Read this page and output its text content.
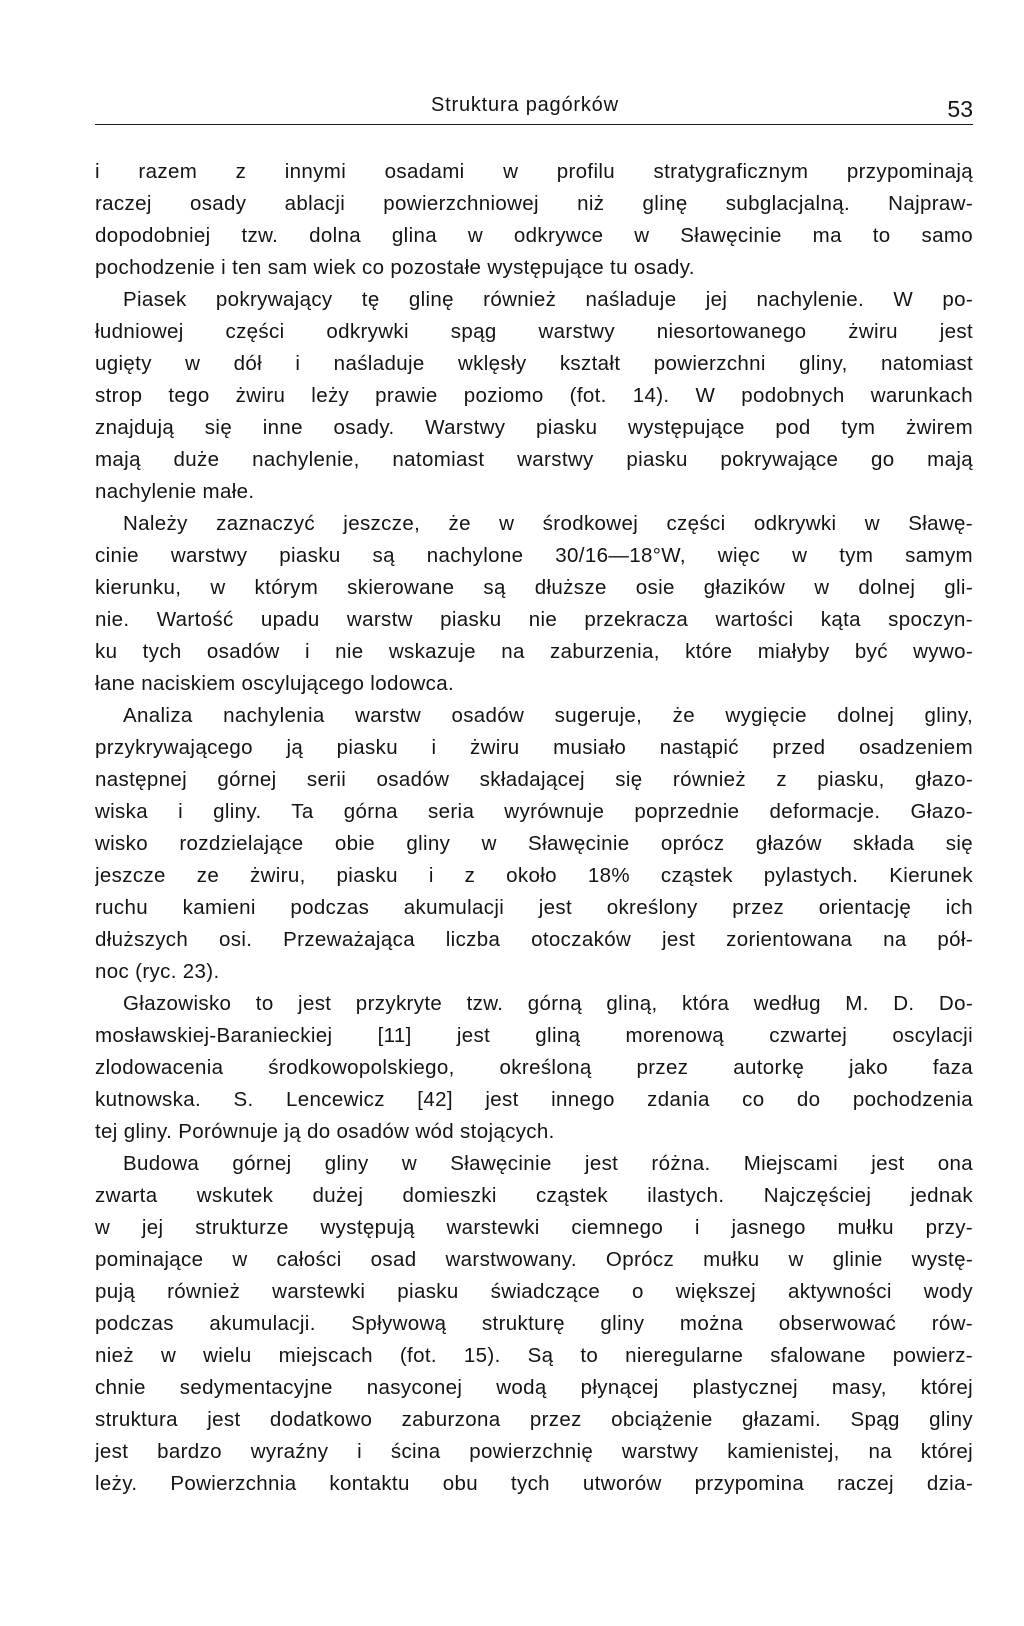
Struktura pagórków	53
i razem z innymi osadami w profilu stratygraficznym przypominają
raczej osady ablacji powierzchniowej niż glinę subglacjalną. Najpraw-
dopodobniej tzw. dolna glina w odkrywce w Sławęcinie ma to samo
pochodzenie i ten sam wiek co pozostałe występujące tu osady.
Piasek pokrywający tę glinę również naśladuje jej nachylenie. W po-
łudniowej części odkrywki spąg warstwy niesortowanego żwiru jest
ugięty w dół i naśladuje wklęsły kształt powierzchni gliny, natomiast
strop tego żwiru leży prawie poziomo (fot. 14). W podobnych warunkach
znajdują się inne osady. Warstwy piasku występujące pod tym żwirem
mają duże nachylenie, natomiast warstwy piasku pokrywające go mają
nachylenie małe.
Należy zaznaczyć jeszcze, że w środkowej części odkrywki w Sławę-
cinie warstwy piasku są nachylone 30/16—18°W, więc w tym samym
kierunku, w którym skierowane są dłuższe osie głazików w dolnej gli-
nie. Wartość upadu warstw piasku nie przekracza wartości kąta spoczyn-
ku tych osadów i nie wskazuje na zaburzenia, które miałyby być wywo-
łane naciskiem oscylującego lodowca.
Analiza nachylenia warstw osadów sugeruje, że wygięcie dolnej gliny,
przykrywającego ją piasku i żwiru musiało nastąpić przed osadzeniem
następnej górnej serii osadów składającej się również z piasku, głazo-
wiska i gliny. Ta górna seria wyrównuje poprzednie deformacje. Głazo-
wisko rozdzielające obie gliny w Sławęcinie oprócz głazów składa się
jeszcze ze żwiru, piasku i z około 18% cząstek pylastych. Kierunek
ruchu kamieni podczas akumulacji jest określony przez orientację ich
dłuższych osi. Przeważająca liczba otoczaków jest zorientowana na pół-
noc (ryc. 23).
Głazowisko to jest przykryte tzw. górną gliną, która według M. D. Do-
mosławskiej-Baranieckiej [11] jest gliną morenową czwartej oscylacji
zlodowacenia środkowopolskiego, określoną przez autorkę jako faza
kutnowska. S. Lencewicz [42] jest innego zdania co do pochodzenia
tej gliny. Porównuje ją do osadów wód stojących.
Budowa górnej gliny w Sławęcinie jest różna. Miejscami jest ona
zwarta wskutek dużej domieszki cząstek ilastych. Najczęściej jednak
w jej strukturze występują warstewki ciemnego i jasnego mułku przy-
pominające w całości osad warstwowany. Oprócz mułku w glinie wystę-
pują również warstewki piasku świadczące o większej aktywności wody
podczas akumulacji. Spływową strukturę gliny można obserwować rów-
nież w wielu miejscach (fot. 15). Są to nieregularne sfalowane powierz-
chnie sedymentacyjne nasyconej wodą płynącej plastycznej masy, której
struktura jest dodatkowo zaburzona przez obciążenie głazami. Spąg gliny
jest bardzo wyraźny i ścina powierzchnię warstwy kamienistej, na której
leży. Powierzchnia kontaktu obu tych utworów przypomina raczej dzia-
